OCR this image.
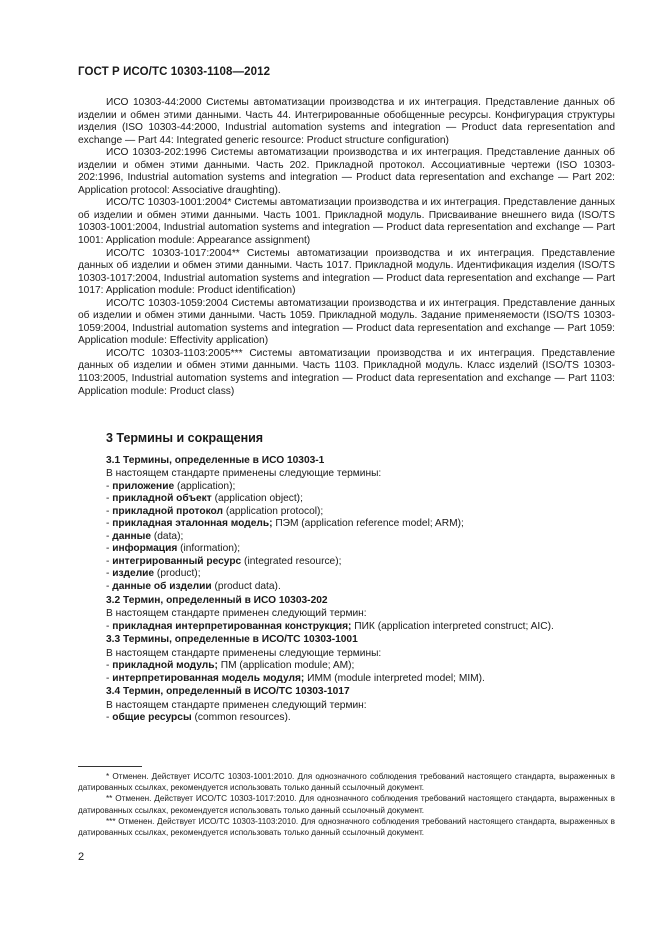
ГОСТ Р ИСО/ТС 10303-1108—2012

ИСО 10303-44:2000 Системы автоматизации производства и их интеграция. Представление данных об изделии и обмен этими данными. Часть 44. Интегрированные обобщенные ресурсы. Конфигурация структуры изделия (ISO 10303-44:2000, Industrial automation systems and integration — Product data representation and exchange — Part 44: Integrated generic resource: Product structure configuration)

ИСО 10303-202:1996 Системы автоматизации производства и их интеграция. Представление данных об изделии и обмен этими данными. Часть 202. Прикладной протокол. Ассоциативные чертежи (ISO 10303-202:1996, Industrial automation systems and integration — Product data representation and exchange — Part 202: Application protocol: Associative draughting).

ИСО/ТС 10303-1001:2004* Системы автоматизации производства и их интеграция. Представление данных об изделии и обмен этими данными. Часть 1001. Прикладной модуль. Присваивание внешнего вида (ISO/TS 10303-1001:2004, Industrial automation systems and integration — Product data representation and exchange — Part 1001: Application module: Appearance assignment)

ИСО/ТС 10303-1017:2004** Системы автоматизации производства и их интеграция. Представление данных об изделии и обмен этими данными. Часть 1017. Прикладной модуль. Идентификация изделия (ISO/TS 10303-1017:2004, Industrial automation systems and integration — Product data representation and exchange — Part 1017: Application module: Product identification)

ИСО/ТС 10303-1059:2004 Системы автоматизации производства и их интеграция. Представление данных об изделии и обмен этими данными. Часть 1059. Прикладной модуль. Задание применяемости (ISO/TS 10303-1059:2004, Industrial automation systems and integration — Product data representation and exchange — Part 1059: Application module: Effectivity application)

ИСО/ТС 10303-1103:2005*** Системы автоматизации производства и их интеграция. Представление данных об изделии и обмен этими данными. Часть 1103. Прикладной модуль. Класс изделий (ISO/TS 10303-1103:2005, Industrial automation systems and integration — Product data representation and exchange — Part 1103: Application module: Product class)

3 Термины и сокращения
3.1 Термины, определенные в ИСО 10303-1
В настоящем стандарте применены следующие термины:
- приложение (application);
- прикладной объект (application object);
- прикладной протокол (application protocol);
- прикладная эталонная модель; ПЭМ (application reference model; ARM);
- данные (data);
- информация (information);
- интегрированный ресурс (integrated resource);
- изделие (product);
- данные об изделии (product data).
3.2 Термин, определенный в ИСО 10303-202
В настоящем стандарте применен следующий термин:
- прикладная интерпретированная конструкция; ПИК (application interpreted construct; AIC).
3.3 Термины, определенные в ИСО/ТС 10303-1001
В настоящем стандарте применены следующие термины:
- прикладной модуль; ПМ (application module; AM);
- интерпретированная модель модуля; ИММ (module interpreted model; MIM).
3.4 Термин, определенный в ИСО/ТС 10303-1017
В настоящем стандарте применен следующий термин:
- общие ресурсы (common resources).

* Отменен. Действует ИСО/ТС 10303-1001:2010. Для однозначного соблюдения требований настоящего стандарта, выраженных в датированных ссылках, рекомендуется использовать только данный ссылочный документ.

** Отменен. Действует ИСО/ТС 10303-1017:2010. Для однозначного соблюдения требований настоящего стандарта, выраженных в датированных ссылках, рекомендуется использовать только данный ссылочный документ.

*** Отменен. Действует ИСО/ТС 10303-1103:2010. Для однозначного соблюдения требований настоящего стандарта, выраженных в датированных ссылках, рекомендуется использовать только данный ссылочный документ.

2
